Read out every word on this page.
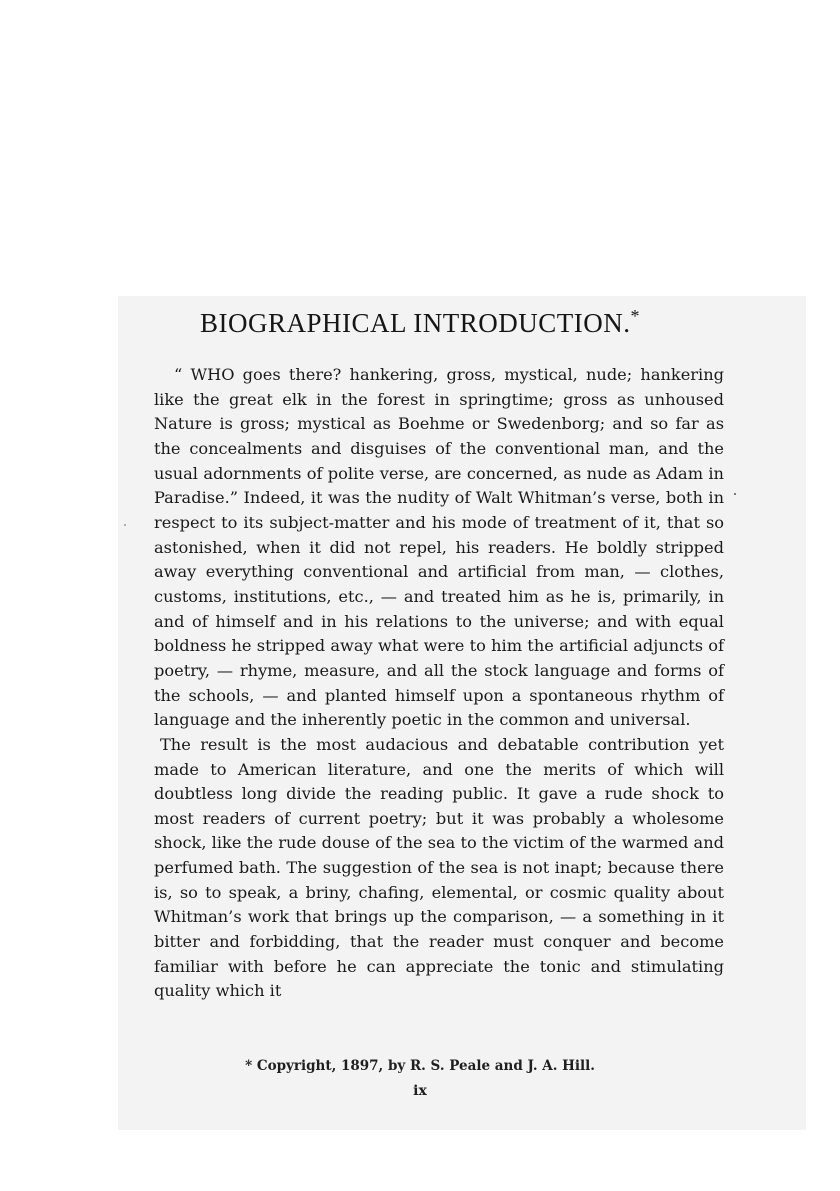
BIOGRAPHICAL INTRODUCTION.*

“ WHO goes there? hankering, gross, mystical, nude; hankering like the great elk in the forest in springtime; gross as unhoused Nature is gross; mystical as Boehme or Swedenborg; and so far as the concealments and disguises of the conventional man, and the usual adornments of polite verse, are concerned, as nude as Adam in Paradise.” Indeed, it was the nudity of Walt Whitman’s verse, both in respect to its subject-matter and his mode of treatment of it, that so astonished, when it did not repel, his readers. He boldly stripped away everything conventional and artificial from man, — clothes, customs, institutions, etc., — and treated him as he is, primarily, in and of himself and in his relations to the universe; and with equal boldness he stripped away what were to him the artificial adjuncts of poetry, — rhyme, measure, and all the stock language and forms of the schools, — and planted himself upon a spontaneous rhythm of language and the inherently poetic in the common and universal.

The result is the most audacious and debatable contribution yet made to American literature, and one the merits of which will doubtless long divide the reading public. It gave a rude shock to most readers of current poetry; but it was probably a wholesome shock, like the rude douse of the sea to the victim of the warmed and perfumed bath. The suggestion of the sea is not inapt; because there is, so to speak, a briny, chafing, elemental, or cosmic quality about Whitman’s work that brings up the comparison, — a something in it bitter and forbidding, that the reader must conquer and become familiar with before he can appreciate the tonic and stimulating quality which it

* Copyright, 1897, by R. S. Peale and J. A. Hill.

ix
